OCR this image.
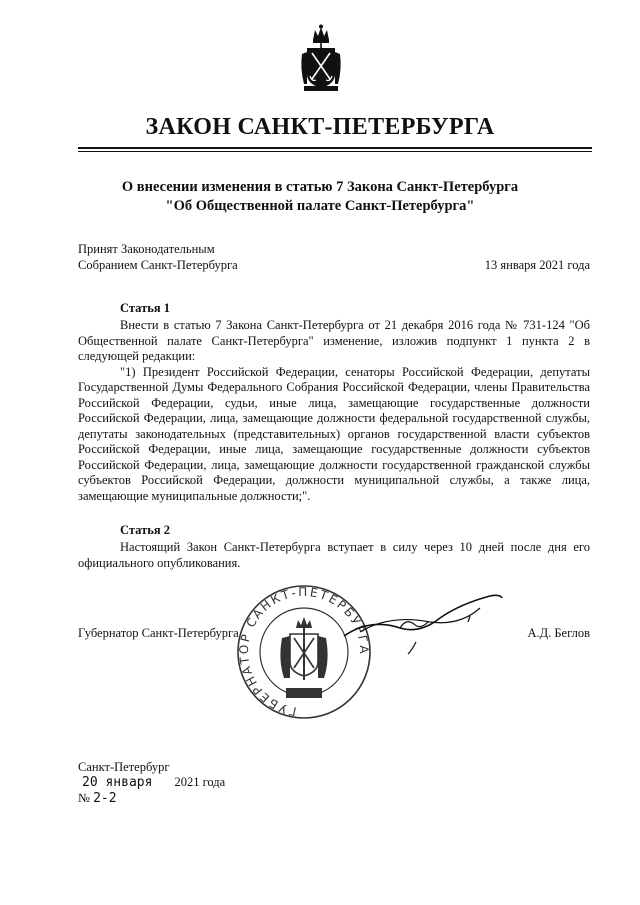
ЗАКОН САНКТ-ПЕТЕРБУРГА
О внесении изменения в статью 7 Закона Санкт-Петербурга
"Об Общественной палате Санкт-Петербурга"
Принят Законодательным
Собранием Санкт-Петербурга	13 января 2021 года
Статья 1

Внести в статью 7 Закона Санкт-Петербурга от 21 декабря 2016 года № 731-124 "Об Общественной палате Санкт-Петербурга" изменение, изложив подпункт 1 пункта 2 в следующей редакции:

"1) Президент Российской Федерации, сенаторы Российской Федерации, депутаты Государственной Думы Федерального Собрания Российской Федерации, члены Правительства Российской Федерации, судьи, иные лица, замещающие государственные должности Российской Федерации, лица, замещающие должности федеральной государственной службы, депутаты законодательных (представительных) органов государственной власти субъектов Российской Федерации, иные лица, замещающие государственные должности субъектов Российской Федерации, лица, замещающие должности государственной гражданской службы субъектов Российской Федерации, должности муниципальной службы, а также лица, замещающие муниципальные должности;".

Статья 2

Настоящий Закон Санкт-Петербурга вступает в силу через 10 дней после дня его официального опубликования.

Губернатор Санкт-Петербурга	А.Д. Беглов
ГУБЕРНАТОР САНКТ-ПЕТЕРБУРГА
Санкт-Петербург
20 января 2021 года
№ 2-2
